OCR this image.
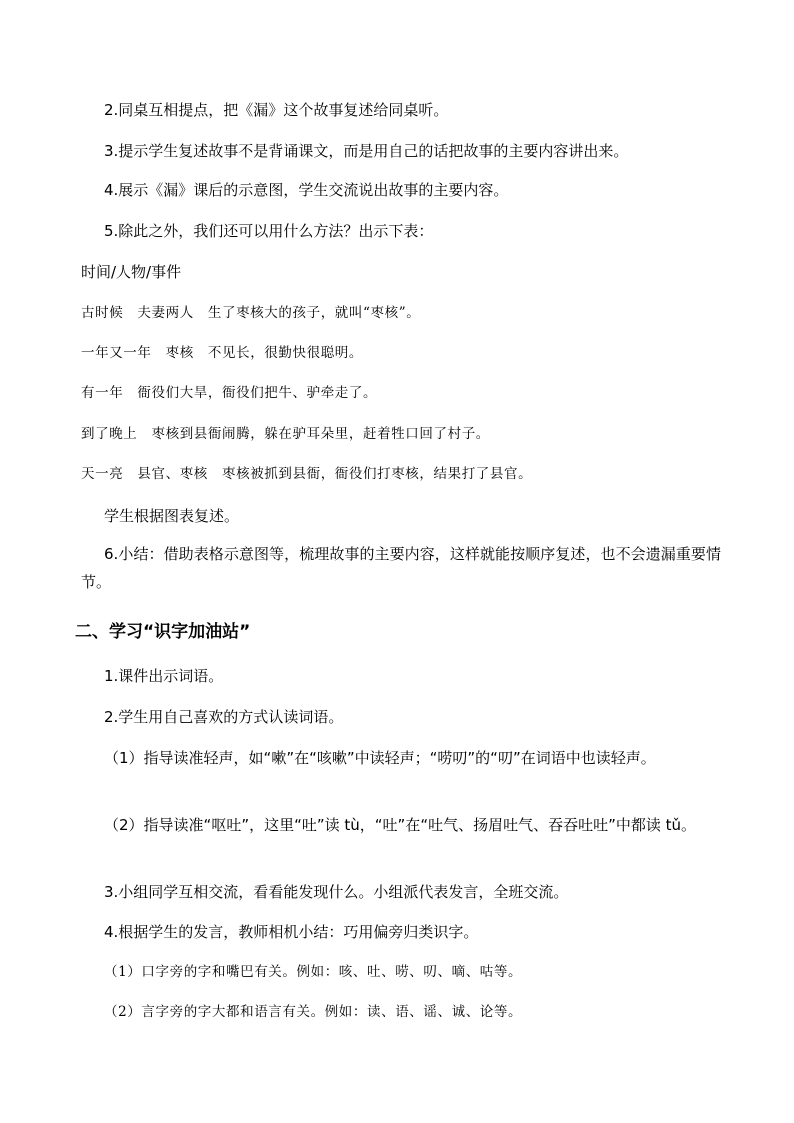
2.同桌互相提点，把《漏》这个故事复述给同桌听。
3.提示学生复述故事不是背诵课文，而是用自己的话把故事的主要内容讲出来。
4.展示《漏》课后的示意图，学生交流说出故事的主要内容。
5.除此之外，我们还可以用什么方法？出示下表：
时间/人物/事件
古时候　夫妻两人　生了枣核大的孩子，就叫“枣核”。
一年又一年　枣核　不见长，很勤快很聪明。
有一年　衙役们大旱，衙役们把牛、驴牵走了。
到了晚上　枣核到县衙闹腾，躲在驴耳朵里，赶着牲口回了村子。
天一亮　县官、枣核　枣核被抓到县衙，衙役们打枣核，结果打了县官。
学生根据图表复述。
6.小结：借助表格示意图等，梳理故事的主要内容，这样就能按顺序复述，也不会遗漏重要情节。
二、学习“识字加油站”
1.课件出示词语。
2.学生用自己喜欢的方式认读词语。
（1）指导读准轻声，如“嗽”在“咳嗽”中读轻声；“唠叨”的“叨”在词语中也读轻声。
（2）指导读准“呕吐”，这里“吐”读 tù，“吐”在“吐气、扬眉吐气、吞吞吐吐”中都读 tǔ。
3.小组同学互相交流，看看能发现什么。小组派代表发言，全班交流。
4.根据学生的发言，教师相机小结：巧用偏旁归类识字。
（1）口字旁的字和嘴巴有关。例如：咳、吐、唠、叨、嘀、咕等。
（2）言字旁的字大都和语言有关。例如：读、语、谣、诚、论等。
